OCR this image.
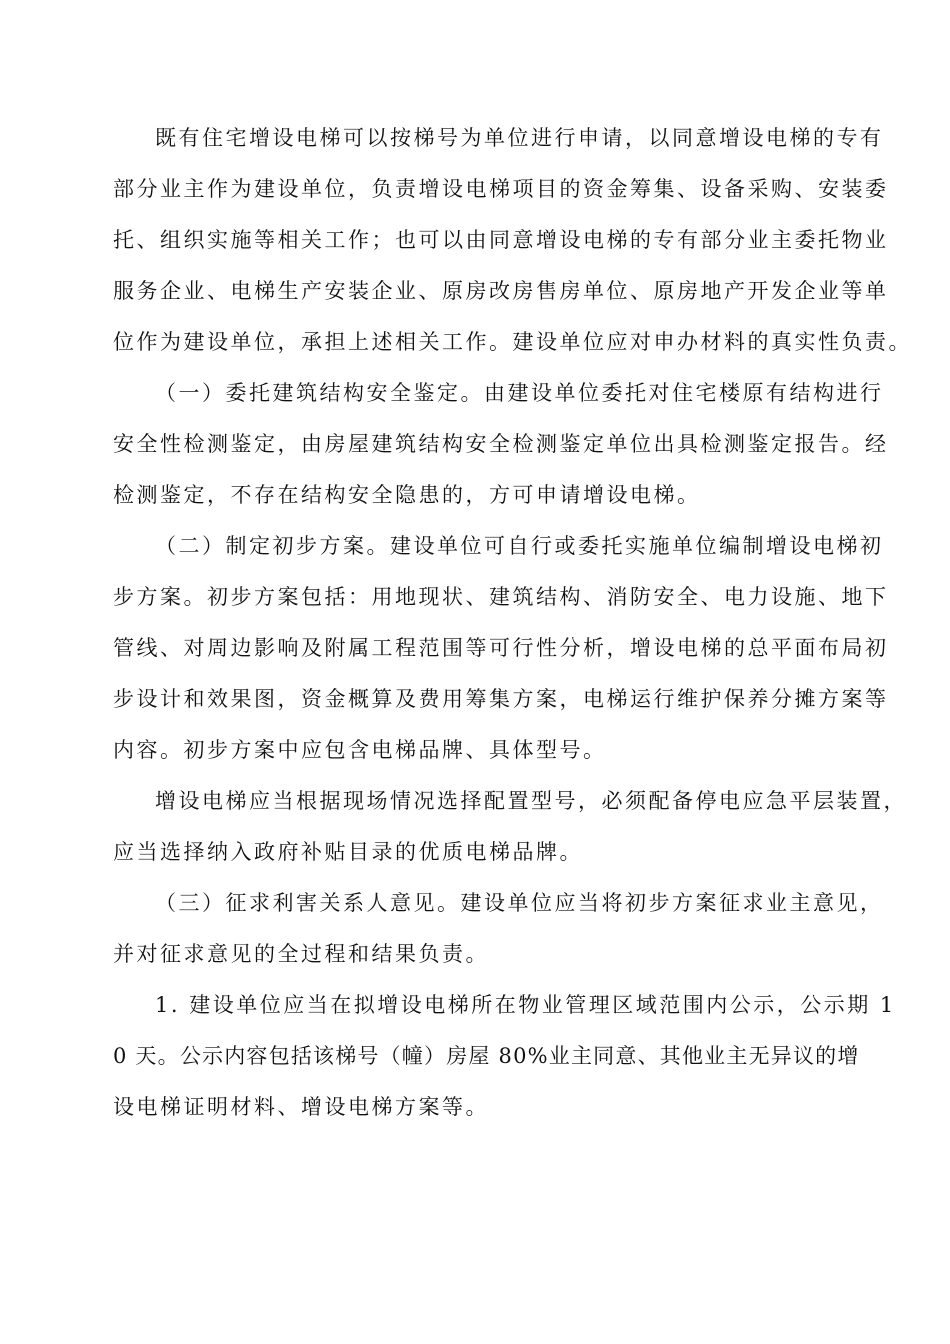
既有住宅增设电梯可以按梯号为单位进行申请，以同意增设电梯的专有
部分业主作为建设单位，负责增设电梯项目的资金筹集、设备采购、安装委
托、组织实施等相关工作；也可以由同意增设电梯的专有部分业主委托物业
服务企业、电梯生产安装企业、原房改房售房单位、原房地产开发企业等单
位作为建设单位，承担上述相关工作。建设单位应对申办材料的真实性负责。
（一）委托建筑结构安全鉴定。由建设单位委托对住宅楼原有结构进行
安全性检测鉴定，由房屋建筑结构安全检测鉴定单位出具检测鉴定报告。经
检测鉴定，不存在结构安全隐患的，方可申请增设电梯。
（二）制定初步方案。建设单位可自行或委托实施单位编制增设电梯初
步方案。初步方案包括：用地现状、建筑结构、消防安全、电力设施、地下
管线、对周边影响及附属工程范围等可行性分析，增设电梯的总平面布局初
步设计和效果图，资金概算及费用筹集方案，电梯运行维护保养分摊方案等
内容。初步方案中应包含电梯品牌、具体型号。
增设电梯应当根据现场情况选择配置型号，必须配备停电应急平层装置，
应当选择纳入政府补贴目录的优质电梯品牌。
（三）征求利害关系人意见。建设单位应当将初步方案征求业主意见，
并对征求意见的全过程和结果负责。
1. 建设单位应当在拟增设电梯所在物业管理区域范围内公示，公示期 1
0 天。公示内容包括该梯号（幢）房屋 80%业主同意、其他业主无异议的增
设电梯证明材料、增设电梯方案等。
